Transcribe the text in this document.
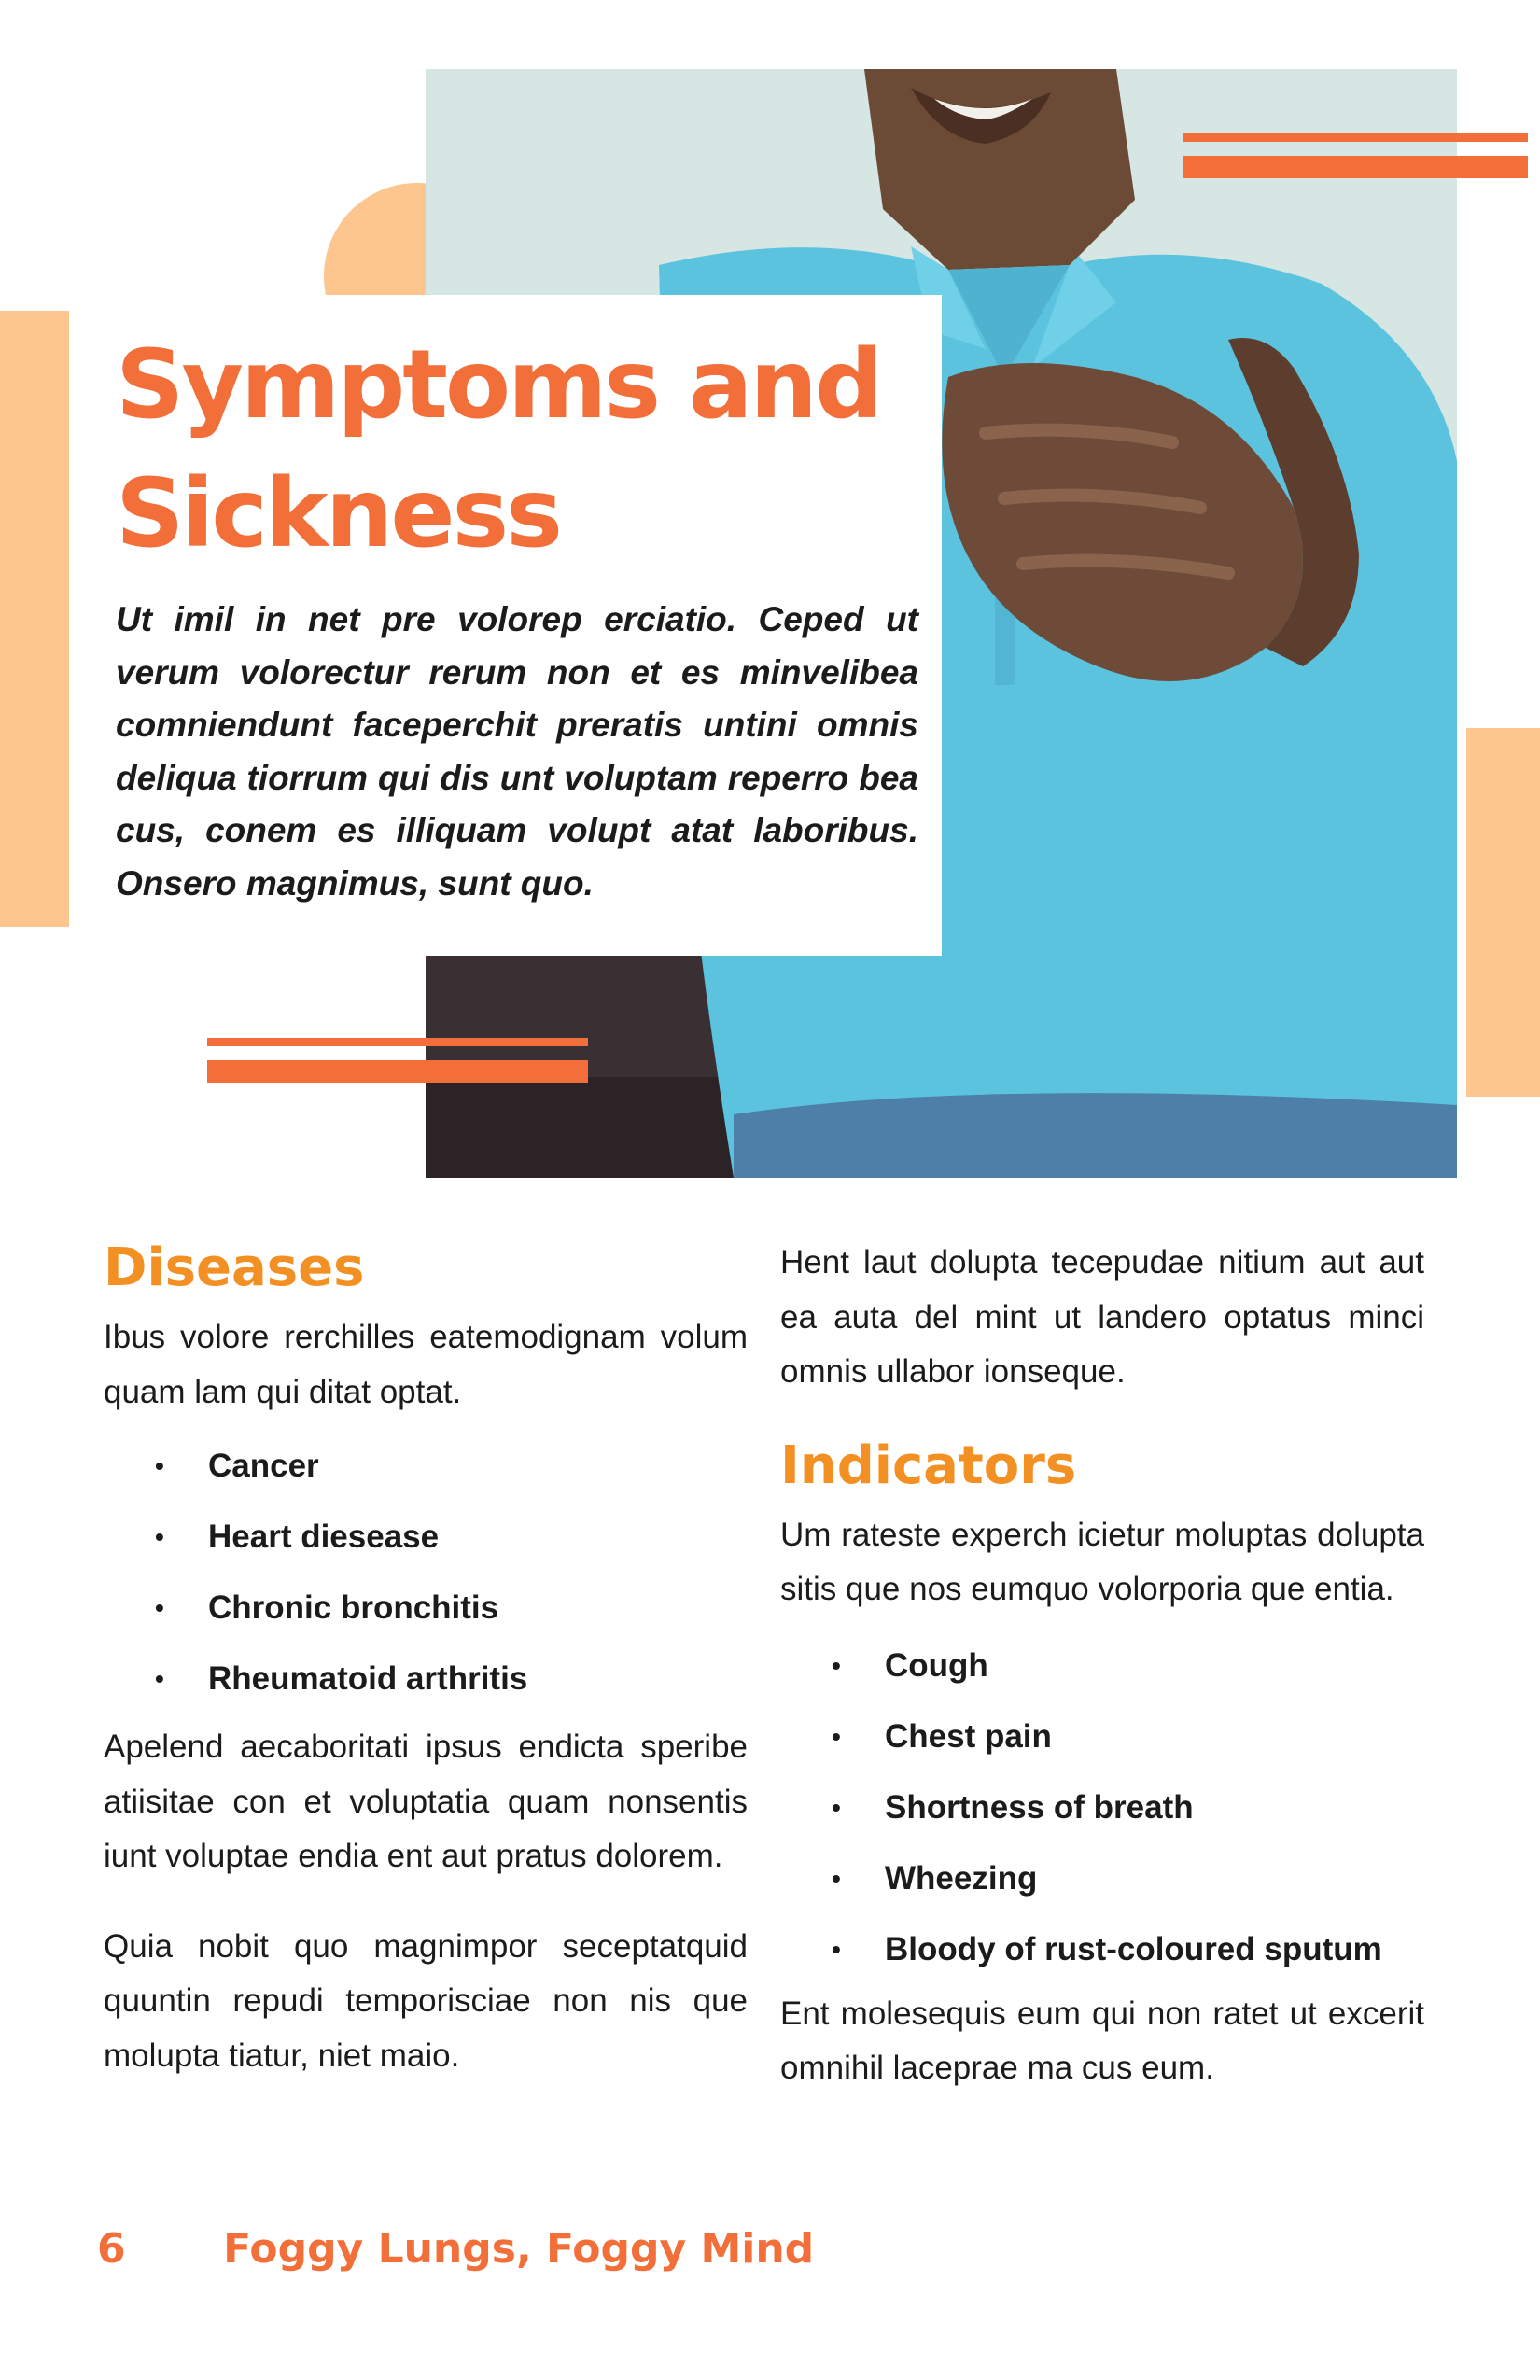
Symptoms and
Sickness

Ut imil in net pre volorep erciatio. Ceped ut verum volorectur rerum non et es minvelibea comniendunt faceperchit preratis untini omnis deliqua tiorrum qui dis unt voluptam reperro bea cus, conem es illiquam volupt atat laboribus. Onsero magnimus, sunt quo.

Diseases

Ibus volore rerchilles eatemodignam volum quam lam qui ditat optat.

• Cancer
• Heart diesease
• Chronic bronchitis
• Rheumatoid arthritis

Apelend aecaboritati ipsus endicta speribe atiisitae con et voluptatia quam nonsentis iunt voluptae endia ent aut pratus dolorem.

Quia nobit quo magnimpor seceptatquid quuntin repudi temporisciae non nis que molupta tiatur, niet maio.

Hent laut dolupta tecepudae nitium aut aut ea auta del mint ut landero optatus minci omnis ullabor ionseque.

Indicators

Um rateste experch icietur moluptas dolupta sitis que nos eumquo volorporia que entia.

• Cough
• Chest pain
• Shortness of breath
• Wheezing
• Bloody of rust-coloured sputum

Ent molesequis eum qui non ratet ut excerit omnihil laceprae ma cus eum.

6 Foggy Lungs, Foggy Mind
